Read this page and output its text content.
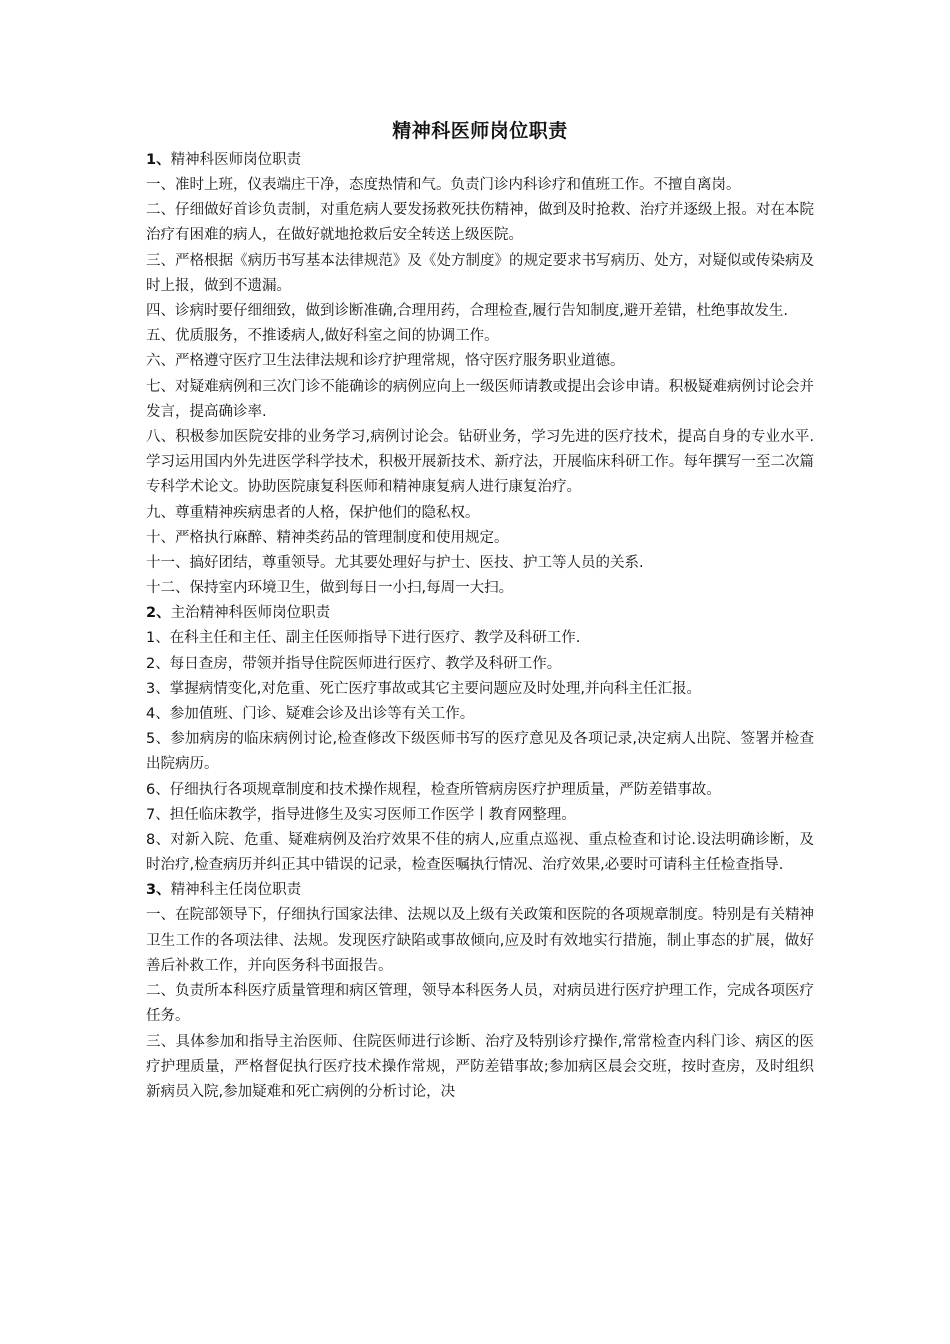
精神科医师岗位职责

1、精神科医师岗位职责

一、准时上班，仪表端庄干净，态度热情和气。负责门诊内科诊疗和值班工作。不擅自离岗。

二、仔细做好首诊负责制，对重危病人要发扬救死扶伤精神，做到及时抢救、治疗并逐级上报。对在本院治疗有困难的病人，在做好就地抢救后安全转送上级医院。

三、严格根据《病历书写基本法律规范》及《处方制度》的规定要求书写病历、处方，对疑似或传染病及时上报，做到不遗漏。

四、诊病时要仔细细致，做到诊断准确,合理用药，合理检查,履行告知制度,避开差错，杜绝事故发生.

五、优质服务，不推诿病人,做好科室之间的协调工作。

六、严格遵守医疗卫生法律法规和诊疗护理常规，恪守医疗服务职业道德。

七、对疑难病例和三次门诊不能确诊的病例应向上一级医师请教或提出会诊申请。积极疑难病例讨论会并发言，提高确诊率.

八、积极参加医院安排的业务学习,病例讨论会。钻研业务，学习先进的医疗技术，提高自身的专业水平.学习运用国内外先进医学科学技术，积极开展新技术、新疗法，开展临床科研工作。每年撰写一至二次篇专科学术论文。协助医院康复科医师和精神康复病人进行康复治疗。

九、尊重精神疾病患者的人格，保护他们的隐私权。

十、严格执行麻醉、精神类药品的管理制度和使用规定。

十一、搞好团结，尊重领导。尤其要处理好与护士、医技、护工等人员的关系.

十二、保持室内环境卫生，做到每日一小扫,每周一大扫。

2、主治精神科医师岗位职责

1、在科主任和主任、副主任医师指导下进行医疗、教学及科研工作.

2、每日查房，带领并指导住院医师进行医疗、教学及科研工作。

3、掌握病情变化,对危重、死亡医疗事故或其它主要问题应及时处理,并向科主任汇报。

4、参加值班、门诊、疑难会诊及出诊等有关工作。

5、参加病房的临床病例讨论,检查修改下级医师书写的医疗意见及各项记录,决定病人出院、签署并检查出院病历。

6、仔细执行各项规章制度和技术操作规程，检查所管病房医疗护理质量，严防差错事故。

7、担任临床教学，指导进修生及实习医师工作医学丨教育网整理。

8、对新入院、危重、疑难病例及治疗效果不佳的病人,应重点巡视、重点检查和讨论.设法明确诊断，及时治疗,检查病历并纠正其中错误的记录，检查医嘱执行情况、治疗效果,必要时可请科主任检查指导.

3、精神科主任岗位职责

一、在院部领导下，仔细执行国家法律、法规以及上级有关政策和医院的各项规章制度。特别是有关精神卫生工作的各项法律、法规。发现医疗缺陷或事故倾向,应及时有效地实行措施，制止事态的扩展，做好善后补救工作，并向医务科书面报告。

二、负责所本科医疗质量管理和病区管理，领导本科医务人员，对病员进行医疗护理工作，完成各项医疗任务。

三、具体参加和指导主治医师、住院医师进行诊断、治疗及特别诊疗操作,常常检查内科门诊、病区的医疗护理质量，严格督促执行医疗技术操作常规，严防差错事故;参加病区晨会交班，按时查房，及时组织新病员入院,参加疑难和死亡病例的分析讨论，决
